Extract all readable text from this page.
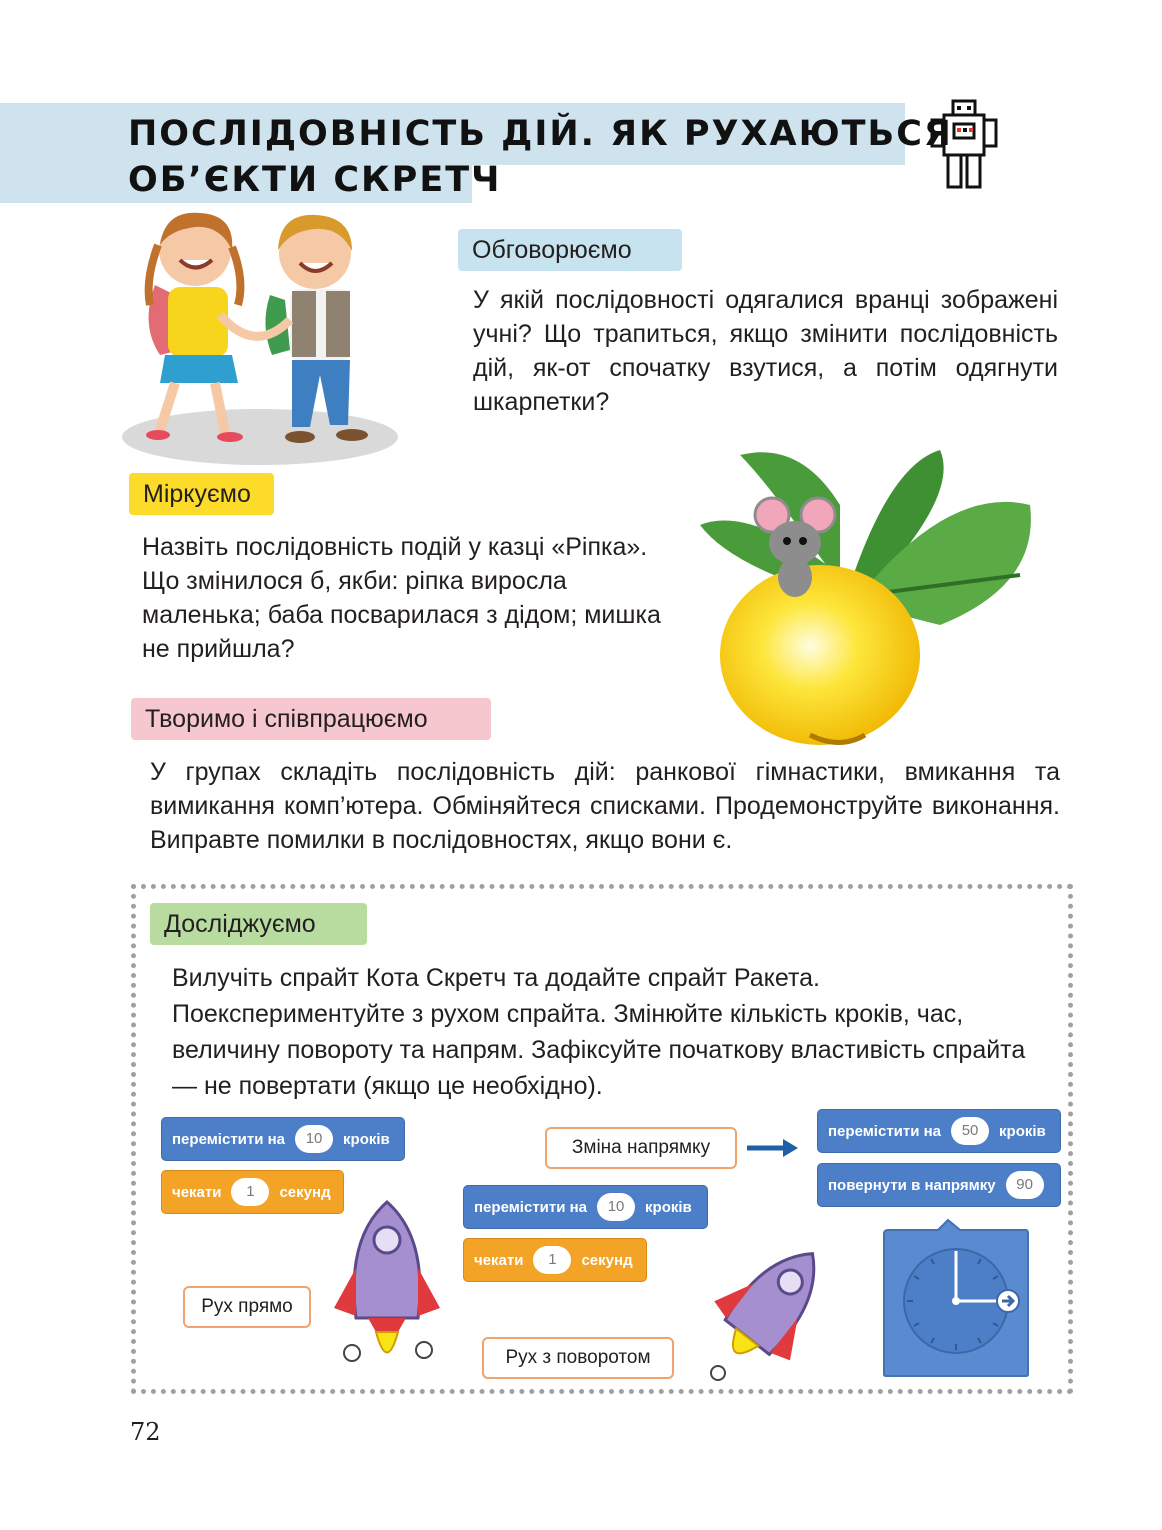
ПОСЛІДОВНІСТЬ ДІЙ. ЯК РУХАЮТЬСЯ
ОБ’ЄКТИ СКРЕТЧ
Обговорюємо

У якій послідовності одягалися вранці зображені учні? Що трапиться, якщо змінити послідовність дій, як-от спочатку взутися, а потім одягнути шкарпетки?

Міркуємо

Назвіть послідовність подій у казці «Ріпка». Що змінилося б, якби: ріпка виросла маленька; баба посварилася з дідом; мишка не прийшла?

Творимо і співпрацюємо

У групах складіть послідовність дій: ранкової гімнастики, вмикання та вимикання комп’ютера. Обміняйтеся списками. Продемонструйте виконання. Виправте помилки в послідовностях, якщо вони є.

Досліджуємо

Вилучіть спрайт Кота Скретч та додайте спрайт Ракета. Поекспериментуйте з рухом спрайта. Змінюйте кількість кроків, час, величину повороту та напрям. Зафіксуйте початкову властивість спрайта — не повертати (якщо це необхідно).

перемістити на	10	кроків
чекати	1	секунд
Рух прямо
перемістити на	10	кроків
чекати	1	секунд
Рух з поворотом
Зміна напрямку
перемістити на	50	кроків
повернути в напрямку	90
72
